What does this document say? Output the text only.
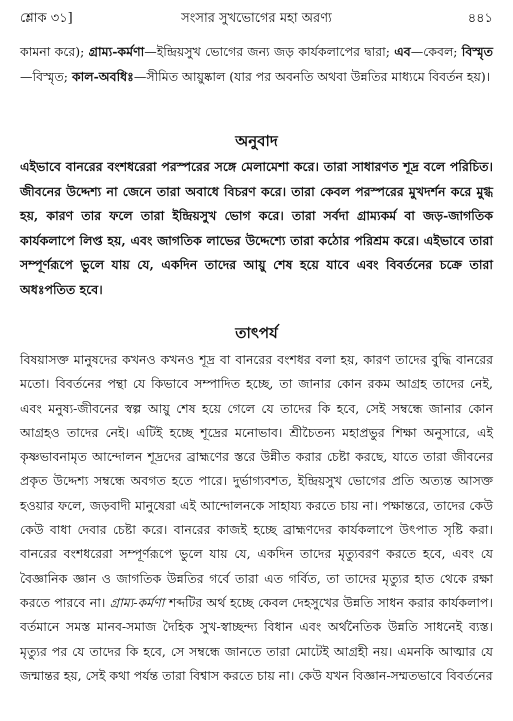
শ্লোক ৩১]	সংসার সুখভোগের মহা অরণ্য	৪৪১
কামনা করে); গ্রাম্য-কর্মণা—ইন্দ্রিয়সুখ ভোগের জন্য জড় কার্যকলাপের দ্বারা; এব—কেবল; বিস্মৃত—বিস্মৃত; কাল-অবধিঃ—সীমিত আয়ুষ্কাল (যার পর অবনতি অথবা উন্নতির মাধ্যমে বিবর্তন হয়)।
অনুবাদ
এইভাবে বানরের বংশধরেরা পরস্পরের সঙ্গে মেলামেশা করে। তারা সাধারণত শূদ্র বলে পরিচিত। জীবনের উদ্দেশ্য না জেনে তারা অবাধে বিচরণ করে। তারা কেবল পরস্পরের মুখদর্শন করে মুগ্ধ হয়, কারণ তার ফলে তারা ইন্দ্রিয়সুখ ভোগ করে। তারা সর্বদা গ্রাম্যকর্ম বা জড়-জাগতিক কার্যকলাপে লিপ্ত হয়, এবং জাগতিক লাভের উদ্দেশ্যে তারা কঠোর পরিশ্রম করে। এইভাবে তারা সম্পূর্ণরূপে ভুলে যায় যে, একদিন তাদের আয়ু শেষ হয়ে যাবে এবং বিবর্তনের চক্রে তারা অধঃপতিত হবে।
তাৎপর্য
বিষয়াসক্ত মানুষদের কখনও কখনও শূদ্র বা বানরের বংশধর বলা হয়, কারণ তাদের বুদ্ধি বানরের মতো। বিবর্তনের পন্থা যে কিভাবে সম্পাদিত হচ্ছে, তা জানার কোন রকম আগ্রহ তাদের নেই, এবং মনুষ্য-জীবনের স্বল্প আয়ু শেষ হয়ে গেলে যে তাদের কি হবে, সেই সম্বন্ধে জানার কোন আগ্রহও তাদের নেই। এটিই হচ্ছে শূদ্রের মনোভাব। শ্রীচৈতন্য মহাপ্রভুর শিক্ষা অনুসারে, এই কৃষ্ণভাবনামৃত আন্দোলন শূদ্রদের ব্রাহ্মণের স্তরে উন্নীত করার চেষ্টা করছে, যাতে তারা জীবনের প্রকৃত উদ্দেশ্য সম্বন্ধে অবগত হতে পারে। দুর্ভাগ্যবশত, ইন্দ্রিয়সুখ ভোগের প্রতি অত্যন্ত আসক্ত হওয়ার ফলে, জড়বাদী মানুষেরা এই আন্দোলনকে সাহায্য করতে চায় না। পক্ষান্তরে, তাদের কেউ কেউ বাধা দেবার চেষ্টা করে। বানরের কাজই হচ্ছে ব্রাহ্মণদের কার্যকলাপে উৎপাত সৃষ্টি করা। বানরের বংশধরেরা সম্পূর্ণরূপে ভুলে যায় যে, একদিন তাদের মৃত্যুবরণ করতে হবে, এবং যে বৈজ্ঞানিক জ্ঞান ও জাগতিক উন্নতির গর্বে তারা এত গর্বিত, তা তাদের মৃত্যুর হাত থেকে রক্ষা করতে পারবে না। গ্রাম্য-কর্মণা শব্দটির অর্থ হচ্ছে কেবল দেহসুখের উন্নতি সাধন করার কার্যকলাপ। বর্তমানে সমস্ত মানব-সমাজ দৈহিক সুখ-স্বাচ্ছন্দ্য বিধান এবং অর্থনৈতিক উন্নতি সাধনেই ব্যস্ত। মৃত্যুর পর যে তাদের কি হবে, সে সম্বন্ধে জানতে তারা মোটেই আগ্রহী নয়। এমনকি আত্মার যে জন্মান্তর হয়, সেই কথা পর্যন্ত তারা বিশ্বাস করতে চায় না। কেউ যখন বিজ্ঞান-সম্মতভাবে বিবর্তনের
